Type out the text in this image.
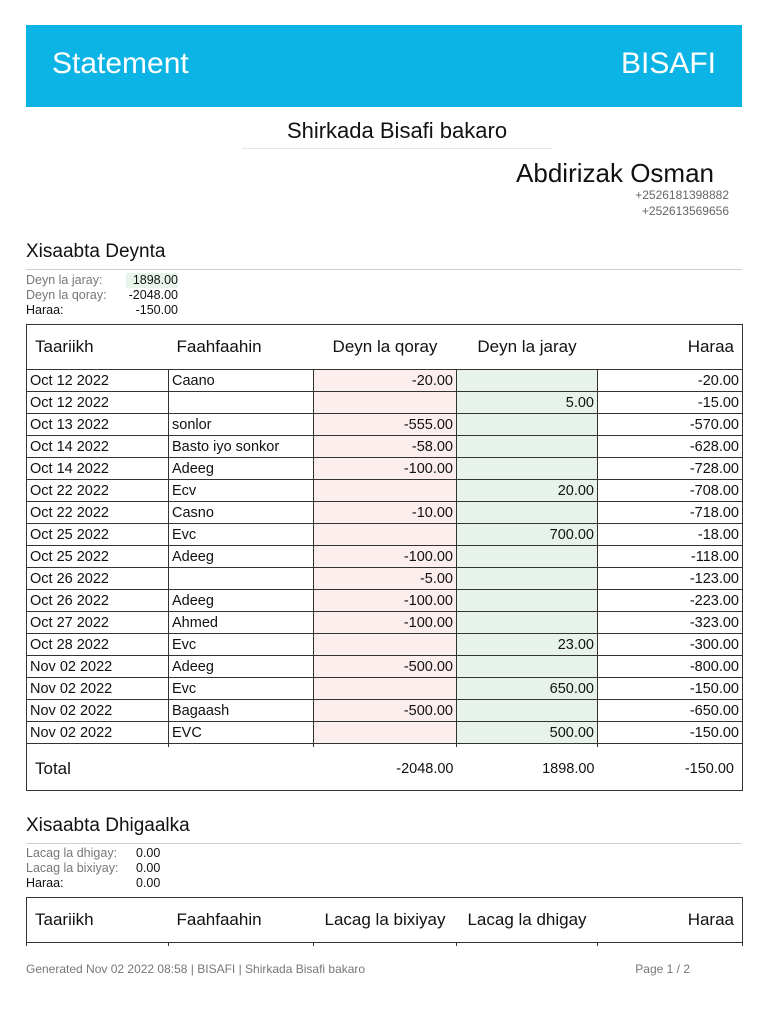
Statement	BISAFI
Shirkada Bisafi bakaro
Abdirizak Osman
+2526181398882
+252613569656
Xisaabta Deynta
Deyn la jaray:	1898.00
Deyn la qoray:	-2048.00
Haraa:	-150.00
Taariikh	Faahfaahin	Deyn la qoray	Deyn la jaray	Haraa
Oct 12 2022	Caano	-20.00		-20.00
Oct 12 2022			5.00	-15.00
Oct 13 2022	sonlor	-555.00		-570.00
Oct 14 2022	Basto iyo sonkor	-58.00		-628.00
Oct 14 2022	Adeeg	-100.00		-728.00
Oct 22 2022	Ecv		20.00	-708.00
Oct 22 2022	Casno	-10.00		-718.00
Oct 25 2022	Evc		700.00	-18.00
Oct 25 2022	Adeeg	-100.00		-118.00
Oct 26 2022		-5.00		-123.00
Oct 26 2022	Adeeg	-100.00		-223.00
Oct 27 2022	Ahmed	-100.00		-323.00
Oct 28 2022	Evc		23.00	-300.00
Nov 02 2022	Adeeg	-500.00		-800.00
Nov 02 2022	Evc		650.00	-150.00
Nov 02 2022	Bagaash	-500.00		-650.00
Nov 02 2022	EVC		500.00	-150.00

Total		-2048.00	1898.00	-150.00
Xisaabta Dhigaalka
Lacag la dhigay:	0.00
Lacag la bixiyay:	0.00
Haraa:	0.00
Taariikh	Faahfaahin	Lacag la bixiyay	Lacag la dhigay	Haraa

Generated Nov 02 2022 08:58 | BISAFI | Shirkada Bisafi bakaro	Page 1 / 2
